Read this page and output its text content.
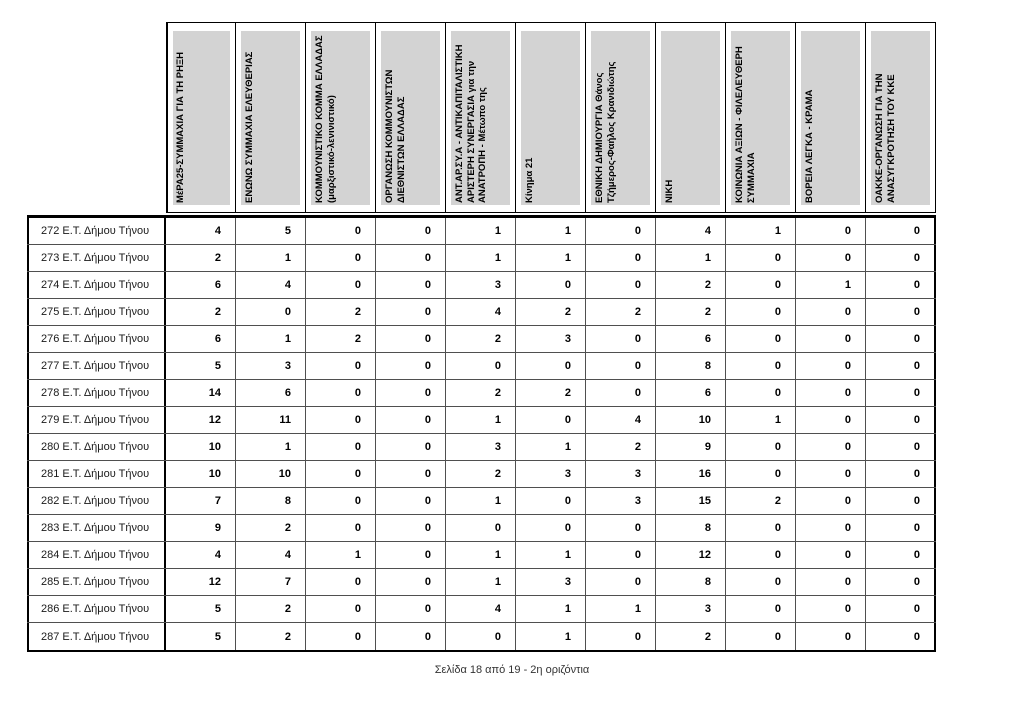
ΜέΡΑ25-ΣΥΜΜΑΧΙΑ ΓΙΑ ΤΗ ΡΗΞΗ	ΕΝΩΝΩ ΣΥΜΜΑΧΙΑ ΕΛΕΥΘΕΡΙΑΣ	ΚΟΜΜΟΥΝΙΣΤΙΚΟ ΚΟΜΜΑ ΕΛΛΑΔΑΣ (μαρξιστικό-λενινιστικό)	ΟΡΓΑΝΩΣΗ ΚΟΜΜΟΥΝΙΣΤΩΝ ΔΙΕΘΝΙΣΤΩΝ ΕΛΛΑΔΑΣ	ΑΝΤ.ΑΡ.ΣΥ.Α - ΑΝΤΙΚΑΠΙΤΑΛΙΣΤΙΚΗ ΑΡΙΣΤΕΡΗ ΣΥΝΕΡΓΑΣΙΑ για την ΑΝΑΤΡΟΠΗ - Μέτωπο της	Κίνημα 21	ΕΘΝΙΚΗ ΔΗΜΙΟΥΡΓΙΑ Θάνος Τζήμερος-Φαήλος Κρανιδιώτης	ΝΙΚΗ	ΚΟΙΝΩΝΙΑ ΑΞΙΩΝ - ΦΙΛΕΛΕΥΘΕΡΗ ΣΥΜΜΑΧΙΑ	ΒΟΡΕΙΑ ΛΕΓΚΑ - ΚΡΑΜΑ	ΟΑΚΚΕ-ΟΡΓΑΝΩΣΗ ΓΙΑ ΤΗΝ ΑΝΑΣΥΓΚΡΟΤΗΣΗ ΤΟΥ ΚΚΕ
272 Ε.Τ. Δήμου Τήνου	4	5	0	0	1	1	0	4	1	0	0
273 Ε.Τ. Δήμου Τήνου	2	1	0	0	1	1	0	1	0	0	0
274 Ε.Τ. Δήμου Τήνου	6	4	0	0	3	0	0	2	0	1	0
275 Ε.Τ. Δήμου Τήνου	2	0	2	0	4	2	2	2	0	0	0
276 Ε.Τ. Δήμου Τήνου	6	1	2	0	2	3	0	6	0	0	0
277 Ε.Τ. Δήμου Τήνου	5	3	0	0	0	0	0	8	0	0	0
278 Ε.Τ. Δήμου Τήνου	14	6	0	0	2	2	0	6	0	0	0
279 Ε.Τ. Δήμου Τήνου	12	11	0	0	1	0	4	10	1	0	0
280 Ε.Τ. Δήμου Τήνου	10	1	0	0	3	1	2	9	0	0	0
281 Ε.Τ. Δήμου Τήνου	10	10	0	0	2	3	3	16	0	0	0
282 Ε.Τ. Δήμου Τήνου	7	8	0	0	1	0	3	15	2	0	0
283 Ε.Τ. Δήμου Τήνου	9	2	0	0	0	0	0	8	0	0	0
284 Ε.Τ. Δήμου Τήνου	4	4	1	0	1	1	0	12	0	0	0
285 Ε.Τ. Δήμου Τήνου	12	7	0	0	1	3	0	8	0	0	0
286 Ε.Τ. Δήμου Τήνου	5	2	0	0	4	1	1	3	0	0	0
287 Ε.Τ. Δήμου Τήνου	5	2	0	0	0	1	0	2	0	0	0
Σελίδα 18 από 19 - 2η οριζόντια
